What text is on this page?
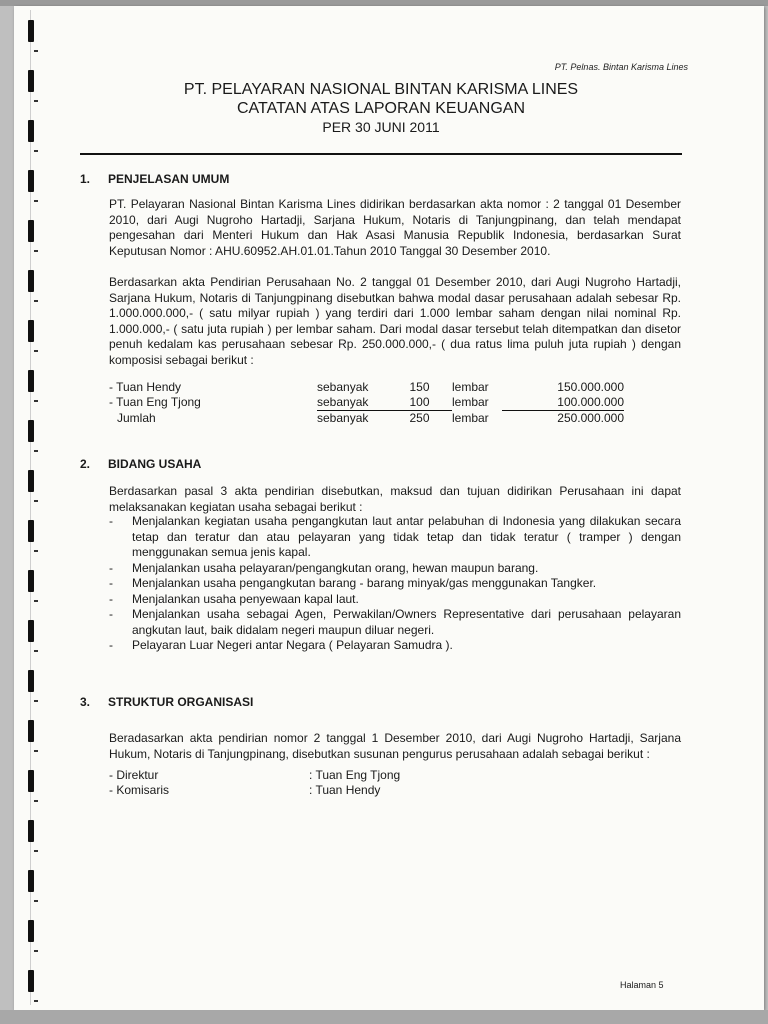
PT. Pelnas. Bintan Karisma Lines
PT. PELAYARAN NASIONAL BINTAN KARISMA LINES
CATATAN ATAS LAPORAN KEUANGAN
PER 30 JUNI 2011
1. PENJELASAN UMUM
PT. Pelayaran Nasional Bintan Karisma Lines didirikan berdasarkan akta nomor : 2 tanggal 01 Desember 2010, dari Augi Nugroho Hartadji, Sarjana Hukum, Notaris di Tanjungpinang, dan telah mendapat pengesahan dari Menteri Hukum dan Hak Asasi Manusia Republik Indonesia, berdasarkan Surat Keputusan Nomor : AHU.60952.AH.01.01.Tahun 2010 Tanggal 30 Desember 2010.
Berdasarkan akta Pendirian Perusahaan No. 2 tanggal 01 Desember 2010, dari Augi Nugroho Hartadji, Sarjana Hukum, Notaris di Tanjungpinang disebutkan bahwa modal dasar perusahaan adalah sebesar Rp. 1.000.000.000,- ( satu milyar rupiah ) yang terdiri dari 1.000 lembar saham dengan nilai nominal Rp. 1.000.000,- ( satu juta rupiah ) per lembar saham. Dari modal dasar tersebut telah ditempatkan dan disetor penuh kedalam kas perusahaan sebesar Rp. 250.000.000,- ( dua ratus lima puluh juta rupiah ) dengan komposisi sebagai berikut :
- Tuan Hendy	sebanyak	150	lembar	150.000.000
- Tuan Eng Tjong	sebanyak	100	lembar	100.000.000
Jumlah	sebanyak	250	lembar	250.000.000
2. BIDANG USAHA
Berdasarkan pasal 3 akta pendirian disebutkan, maksud dan tujuan didirikan Perusahaan ini dapat melaksanakan kegiatan usaha sebagai berikut :
- Menjalankan kegiatan usaha pengangkutan laut antar pelabuhan di Indonesia yang dilakukan secara tetap dan teratur dan atau pelayaran yang tidak tetap dan tidak teratur ( tramper ) dengan menggunakan semua jenis kapal.
- Menjalankan usaha pelayaran/pengangkutan orang, hewan maupun barang.
- Menjalankan usaha pengangkutan barang - barang minyak/gas menggunakan Tangker.
- Menjalankan usaha penyewaan kapal laut.
- Menjalankan usaha sebagai Agen, Perwakilan/Owners Representative dari perusahaan pelayaran angkutan laut, baik didalam negeri maupun diluar negeri.
- Pelayaran Luar Negeri antar Negara ( Pelayaran Samudra ).
3. STRUKTUR ORGANISASI
Beradasarkan akta pendirian nomor 2 tanggal 1 Desember 2010, dari Augi Nugroho Hartadji, Sarjana Hukum, Notaris di Tanjungpinang, disebutkan susunan pengurus perusahaan adalah sebagai berikut :
- Direktur	: Tuan Eng Tjong
- Komisaris	: Tuan Hendy
Halaman 5
